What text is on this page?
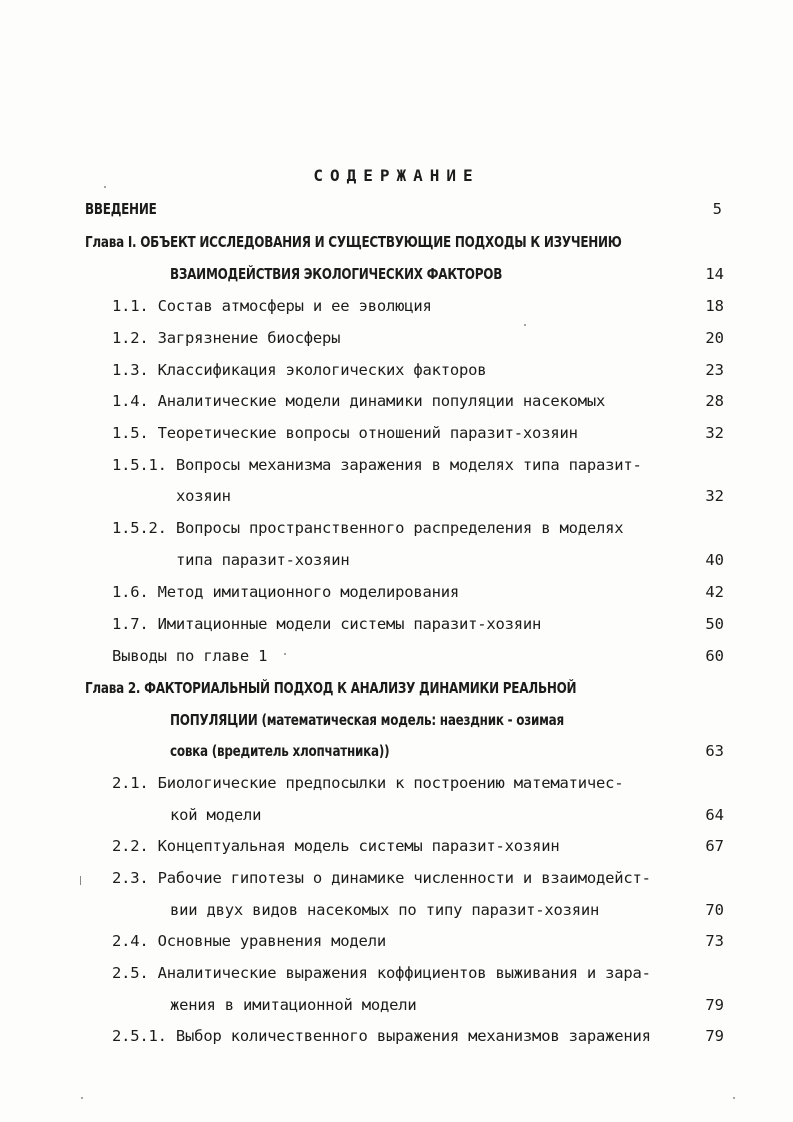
СОДЕРЖАНИЕ
ВВЕДЕНИЕ	5
Глава I. ОБЪЕКТ ИССЛЕДОВАНИЯ И СУЩЕСТВУЮЩИЕ ПОДХОДЫ К ИЗУЧЕНИЮ
ВЗАИМОДЕЙСТВИЯ ЭКОЛОГИЧЕСКИХ ФАКТОРОВ	14
1.1. Состав атмосферы и ее эволюция	18
1.2. Загрязнение биосферы	20
1.3. Классификация экологических факторов	23
1.4. Аналитические модели динамики популяции насекомых	28
1.5. Теоретические вопросы отношений паразит-хозяин	32
1.5.1. Вопросы механизма заражения в моделях типа паразит-
хозяин	32
1.5.2. Вопросы пространственного распределения в моделях
типа паразит-хозяин	40
1.6. Метод имитационного моделирования	42
1.7. Имитационные модели системы паразит-хозяин	50
Выводы по главе 1	60
Глава 2. ФАКТОРИАЛЬНЫЙ ПОДХОД К АНАЛИЗУ ДИНАМИКИ РЕАЛЬНОЙ
ПОПУЛЯЦИИ (математическая модель: наездник - озимая
совка (вредитель хлопчатника))	63
2.1. Биологические предпосылки к построению математичес-
кой модели	64
2.2. Концептуальная модель системы паразит-хозяин	67
2.3. Рабочие гипотезы о динамике численности и взаимодейст-
вии двух видов насекомых по типу паразит-хозяин	70
2.4. Основные уравнения модели	73
2.5. Аналитические выражения коффициентов выживания и зара-
жения в имитационной модели	79
2.5.1. Выбор количественного выражения механизмов заражения	79
